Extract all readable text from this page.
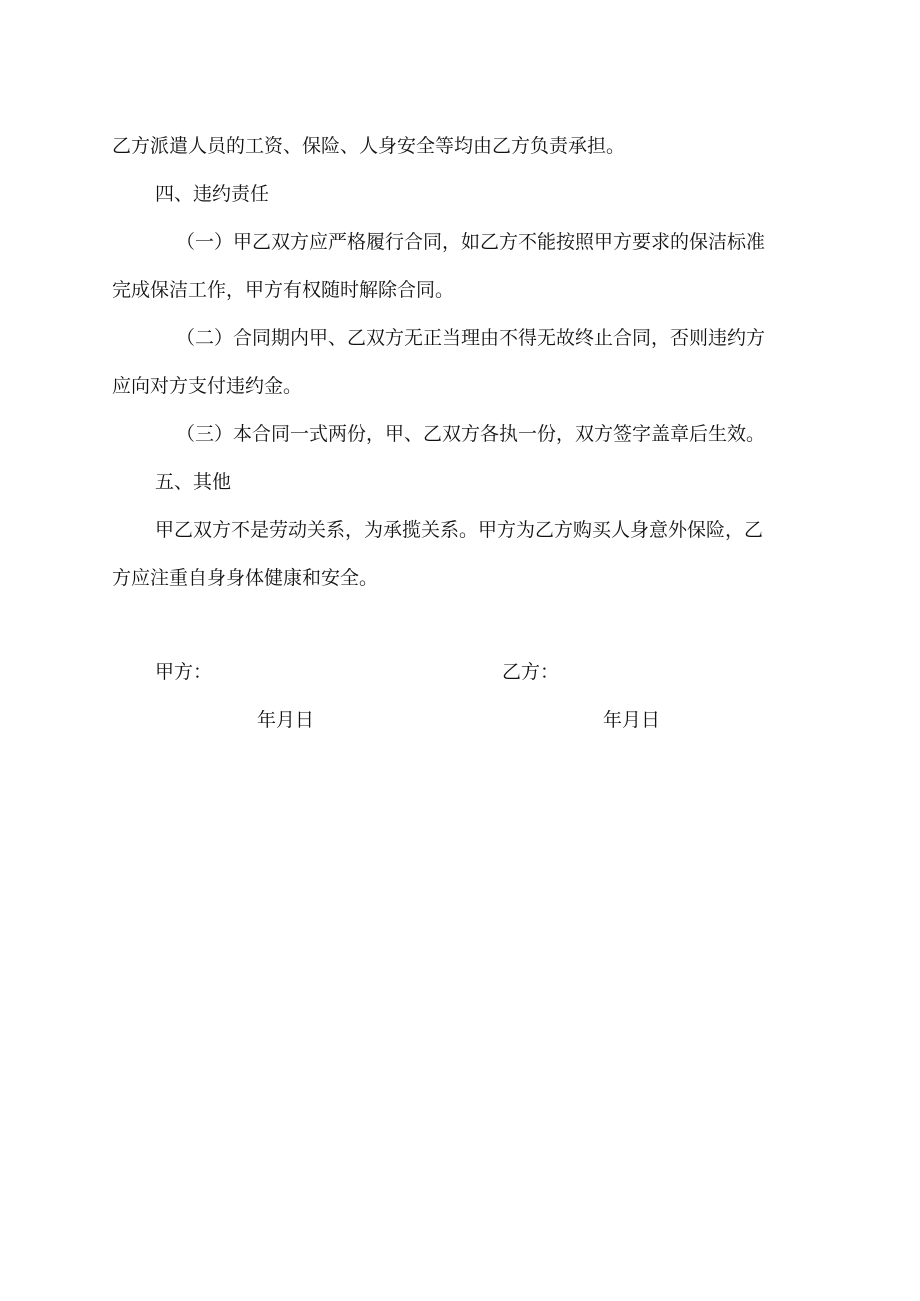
乙方派遣人员的工资、保险、人身安全等均由乙方负责承担。
四、违约责任
（一）甲乙双方应严格履行合同，如乙方不能按照甲方要求的保洁标准
完成保洁工作，甲方有权随时解除合同。
（二）合同期内甲、乙双方无正当理由不得无故终止合同，否则违约方
应向对方支付违约金。
（三）本合同一式两份，甲、乙双方各执一份，双方签字盖章后生效。
五、其他
甲乙双方不是劳动关系，为承揽关系。甲方为乙方购买人身意外保险，乙
方应注重自身身体健康和安全。
甲方：	乙方：
年月日	年月日
